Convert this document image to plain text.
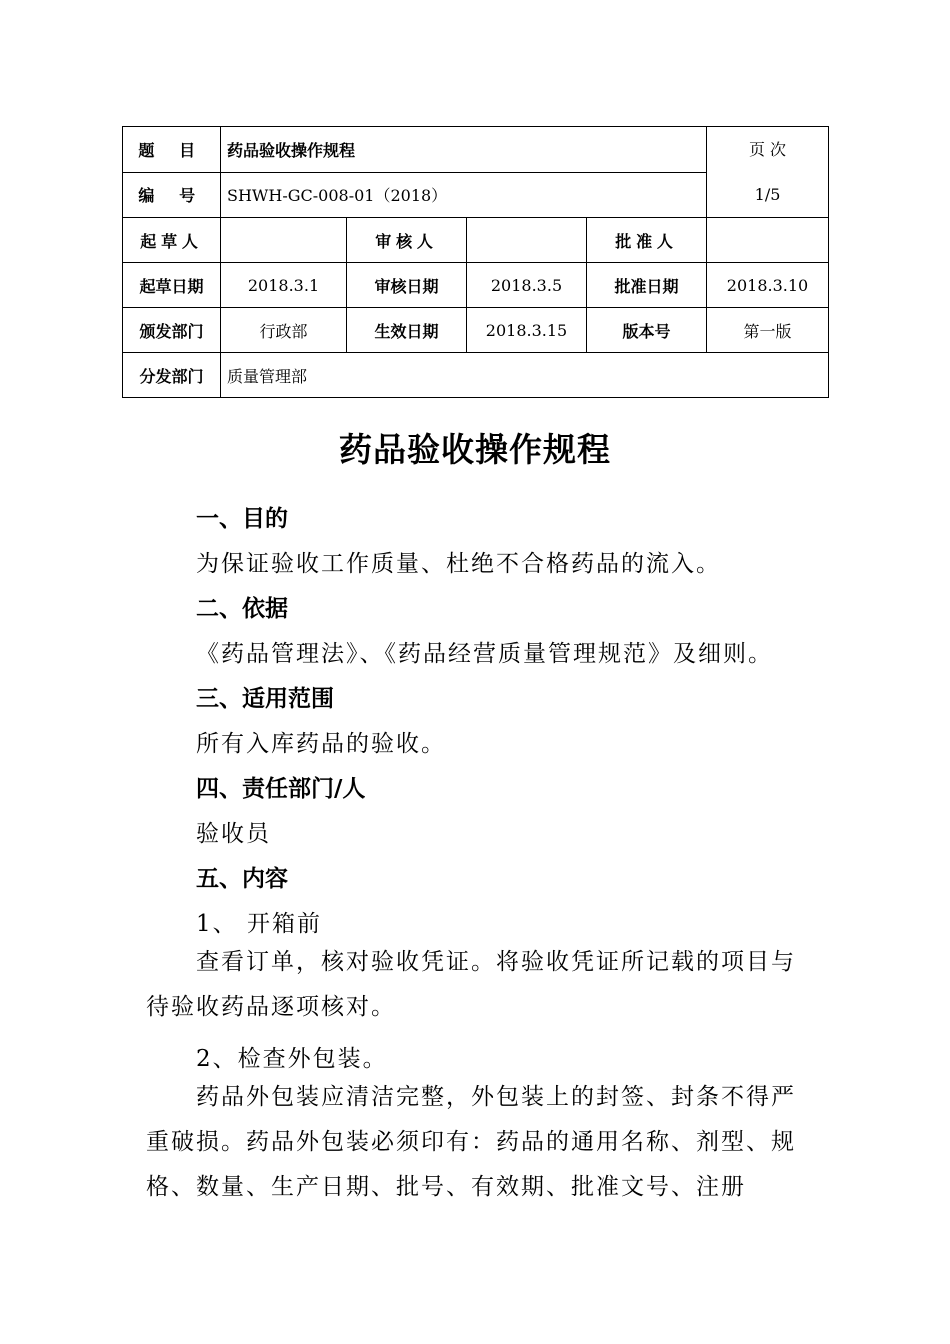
题 目	药品验收操作规程				页 次
1/5

编 号	SHWH-GC-008-01（2018）				
起草人		审核人		批准人	
起草日期	2018.3.1	审核日期	2018.3.5	批准日期	2018.3.10
颁发部门	行政部	生效日期	2018.3.15	版本号	第一版
分发部门	质量管理部				
药品验收操作规程
一、目的
为保证验收工作质量、杜绝不合格药品的流入。
二、依据
《药品管理法》、《药品经营质量管理规范》及细则。
三、适用范围
所有入库药品的验收。
四、责任部门/人
验收员
五、内容
1、 开箱前
查看订单，核对验收凭证。将验收凭证所记载的项目与待验收药品逐项核对。
2、检查外包装。
药品外包装应清洁完整，外包装上的封签、封条不得严重破损。药品外包装必须印有：药品的通用名称、剂型、规格、数量、生产日期、批号、有效期、批准文号、注册
